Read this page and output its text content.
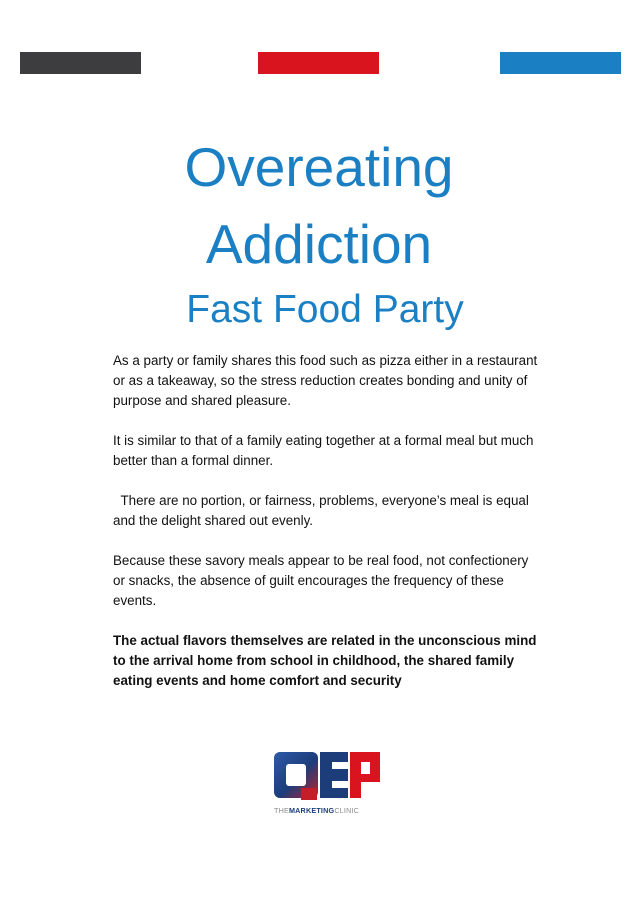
Overeating
Addiction
Fast Food Party

As a party or family shares this food such as pizza either in a restaurant or as a takeaway, so the stress reduction creates bonding and unity of purpose and shared pleasure.

It is similar to that of a family eating together at a formal meal but much better than a formal dinner.

There are no portion, or fairness, problems, everyone’s meal is equal and the delight shared out evenly.

Because these savory meals appear to be real food, not confectionery or snacks, the absence of guilt encourages the frequency of these events.

The actual flavors themselves are related in the unconscious mind to the arrival home from school in childhood, the shared family eating events and home comfort and security

THEMARKETINGCLINIC
